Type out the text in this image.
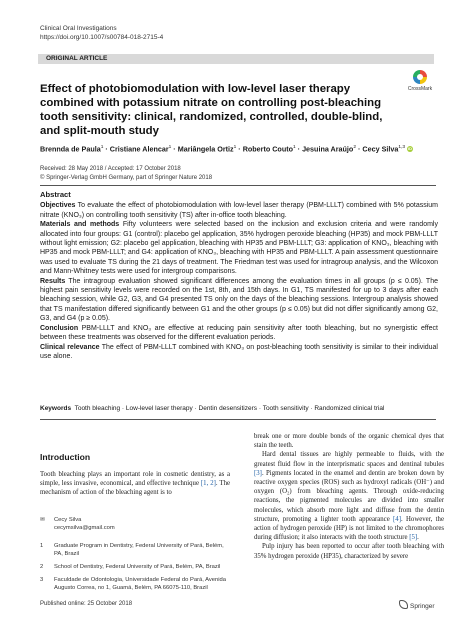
Clinical Oral Investigations
https://doi.org/10.1007/s00784-018-2715-4
ORIGINAL ARTICLE
CrossMark
Effect of photobiomodulation with low-level laser therapy combined with potassium nitrate on controlling post-bleaching tooth sensitivity: clinical, randomized, controlled, double-blind, and split-mouth study
Brennda de Paula$^1$ · Cristiane Alencar$^1$ · Mariângela Ortiz$^1$ · Roberto Couto$^1$ · Jesuina Araújo$^2$ · Cecy Silva$^{1,3}$ iD
Received: 28 May 2018 / Accepted: 17 October 2018
© Springer-Verlag GmbH Germany, part of Springer Nature 2018

Abstract

Objectives To evaluate the effect of photobiomodulation with low-level laser therapy (PBM-LLLT) combined with 5% potassium nitrate (KNO₃) on controlling tooth sensitivity (TS) after in-office tooth bleaching.

Materials and methods Fifty volunteers were selected based on the inclusion and exclusion criteria and were randomly allocated into four groups: G1 (control): placebo gel application, 35% hydrogen peroxide bleaching (HP35) and mock PBM-LLLT without light emission; G2: placebo gel application, bleaching with HP35 and PBM-LLLT; G3: application of KNO₃, bleaching with HP35 and mock PBM-LLLT; and G4: application of KNO₃, bleaching with HP35 and PBM-LLLT. A pain assessment questionnaire was used to evaluate TS during the 21 days of treatment. The Friedman test was used for intragroup analysis, and the Wilcoxon and Mann-Whitney tests were used for intergroup comparisons.

Results The intragroup evaluation showed significant differences among the evaluation times in all groups (p ≤ 0.05). The highest pain sensitivity levels were recorded on the 1st, 8th, and 15th days. In G1, TS manifested for up to 3 days after each bleaching session, while G2, G3, and G4 presented TS only on the days of the bleaching sessions. Intergroup analysis showed that TS manifestation differed significantly between G1 and the other groups (p ≤ 0.05) but did not differ significantly among G2, G3, and G4 (p ≥ 0.05).

Conclusion PBM-LLLT and KNO₃ are effective at reducing pain sensitivity after tooth bleaching, but no synergistic effect between these treatments was observed for the different evaluation periods.

Clinical relevance The effect of PBM-LLLT combined with KNO₃ on post-bleaching tooth sensitivity is similar to their individual use alone.

Keywords Tooth bleaching · Low-level laser therapy · Dentin desensitizers · Tooth sensitivity · Randomized clinical trial
Introduction

Tooth bleaching plays an important role in cosmetic dentistry, as a simple, less invasive, economical, and effective technique [1, 2]. The mechanism of action of the bleaching agent is to

break one or more double bonds of the organic chemical dyes that stain the teeth.

Hard dental tissues are highly permeable to fluids, with the greatest fluid flow in the interprismatic spaces and dentinal tubules [3]. Pigments located in the enamel and dentin are broken down by reactive oxygen species (ROS) such as hydroxyl radicals (OH⁻) and oxygen (O₂) from bleaching agents. Through oxide-reducing reactions, the pigmented molecules are divided into smaller molecules, which absorb more light and diffuse from the dentin structure, promoting a lighter tooth appearance [4]. However, the action of hydrogen peroxide (HP) is not limited to the chromophores during diffusion; it also interacts with the tooth structure [5].

Pulp injury has been reported to occur after tooth bleaching with 35% hydrogen peroxide (HP35), characterized by severe

✉	Cecy Silva
cecymsilva@gmail.com
1	Graduate Program in Dentistry, Federal University of Pará, Belém, PA, Brazil
2	School of Dentistry, Federal University of Pará, Belém, PA, Brazil
3	Faculdade de Odontologia, Universidade Federal do Pará, Avenida Augusto Correa, no 1, Guamá, Belém, PA 66075-110, Brazil
Published online: 25 October 2018	Springer
